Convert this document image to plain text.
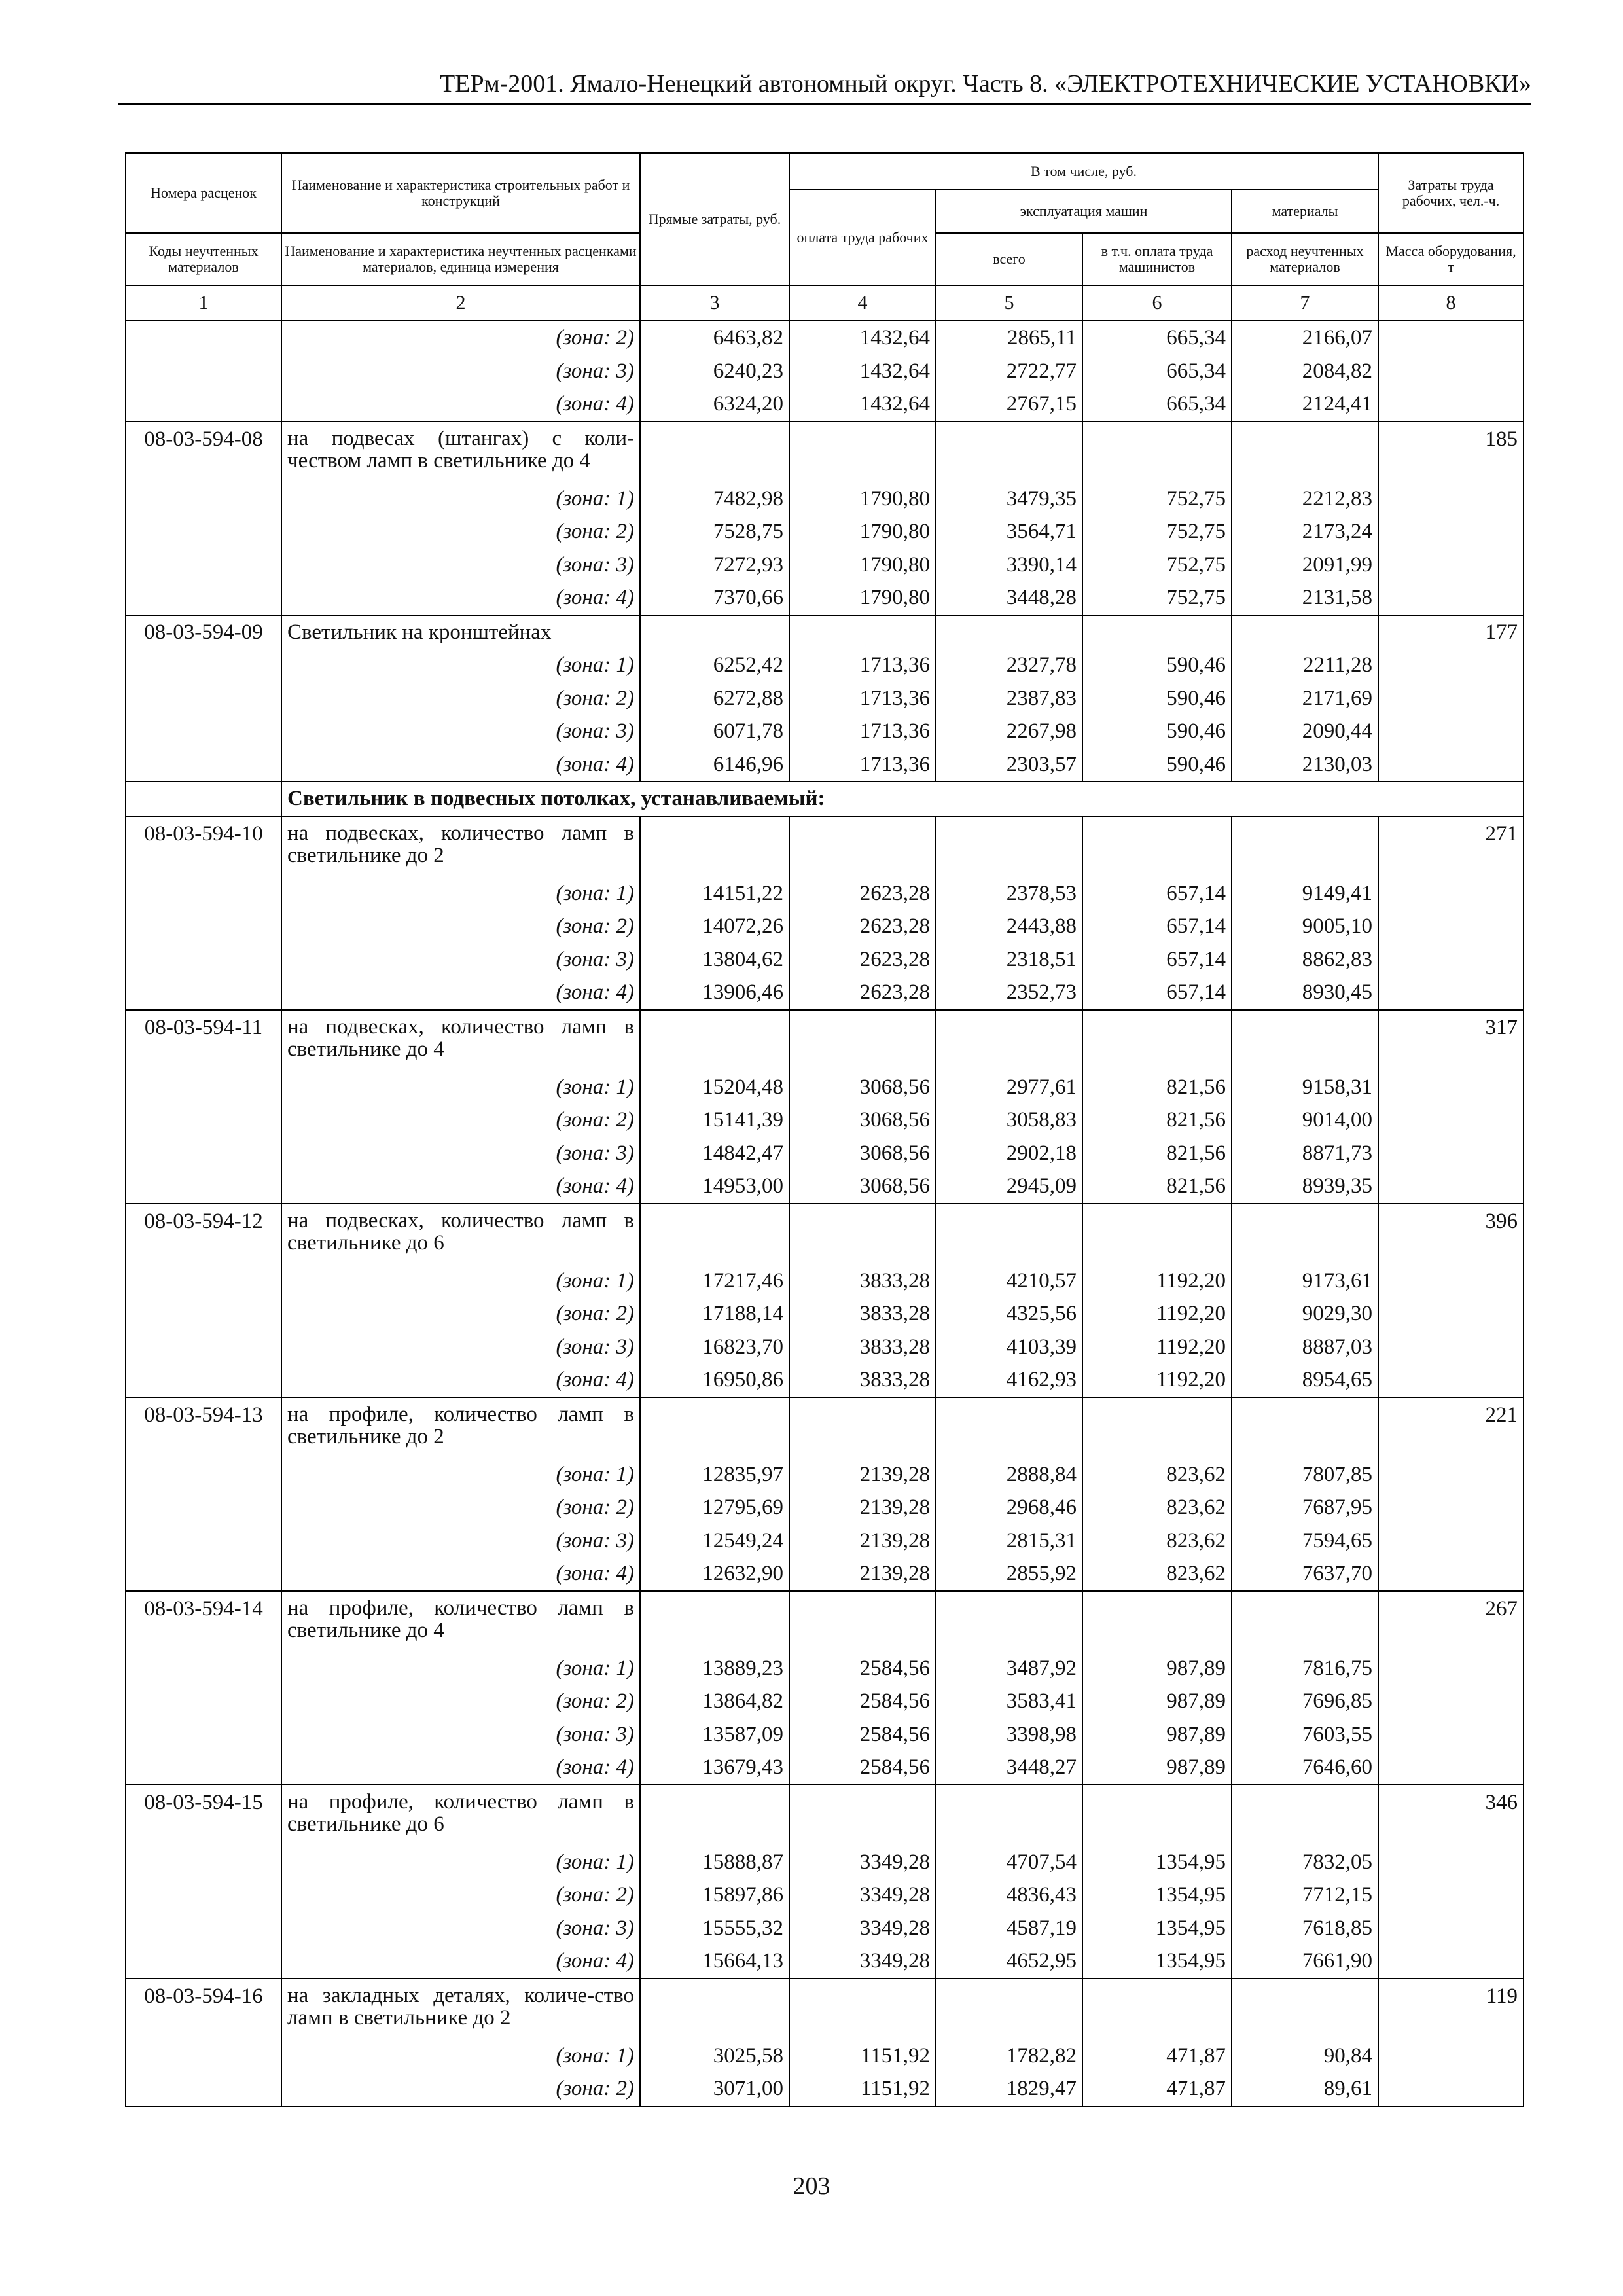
ТЕРм-2001. Ямало-Ненецкий автономный округ. Часть 8. «ЭЛЕКТРОТЕХНИЧЕСКИЕ УСТАНОВКИ»
Номера расценок	Наименование и характеристика строительных работ и конструкций	Прямые затраты, руб.	В том числе, руб.				Затраты труда рабочих, чел.-ч.
			оплата труда рабочих	эксплуатация машин		материалы	
Коды неучтенных материалов	Наименование и характеристика неучтенных расценками материалов, единица измерения			всего	в т.ч. оплата труда машинистов	расход неучтенных материалов	Масса оборудования, т
1	2	3	4	5	6	7	8
	(зона: 2)	6463,82	1432,64	2865,11	665,34	2166,07	
	(зона: 3)	6240,23	1432,64	2722,77	665,34	2084,82	
	(зона: 4)	6324,20	1432,64	2767,15	665,34	2124,41	
08-03-594-08	на подвесах (штангах) с коли-чеством ламп в светильнике до 4						185
	(зона: 1)	7482,98	1790,80	3479,35	752,75	2212,83	
	(зона: 2)	7528,75	1790,80	3564,71	752,75	2173,24	
	(зона: 3)	7272,93	1790,80	3390,14	752,75	2091,99	
	(зона: 4)	7370,66	1790,80	3448,28	752,75	2131,58	
08-03-594-09	Светильник на кронштейнах						177
	(зона: 1)	6252,42	1713,36	2327,78	590,46	2211,28	
	(зона: 2)	6272,88	1713,36	2387,83	590,46	2171,69	
	(зона: 3)	6071,78	1713,36	2267,98	590,46	2090,44	
	(зона: 4)	6146,96	1713,36	2303,57	590,46	2130,03	
	Светильник в подвесных потолках, устанавливаемый:						
08-03-594-10	на подвесках, количество ламп в светильнике до 2						271
	(зона: 1)	14151,22	2623,28	2378,53	657,14	9149,41	
	(зона: 2)	14072,26	2623,28	2443,88	657,14	9005,10	
	(зона: 3)	13804,62	2623,28	2318,51	657,14	8862,83	
	(зона: 4)	13906,46	2623,28	2352,73	657,14	8930,45	
08-03-594-11	на подвесках, количество ламп в светильнике до 4						317
	(зона: 1)	15204,48	3068,56	2977,61	821,56	9158,31	
	(зона: 2)	15141,39	3068,56	3058,83	821,56	9014,00	
	(зона: 3)	14842,47	3068,56	2902,18	821,56	8871,73	
	(зона: 4)	14953,00	3068,56	2945,09	821,56	8939,35	
08-03-594-12	на подвесках, количество ламп в светильнике до 6						396
	(зона: 1)	17217,46	3833,28	4210,57	1192,20	9173,61	
	(зона: 2)	17188,14	3833,28	4325,56	1192,20	9029,30	
	(зона: 3)	16823,70	3833,28	4103,39	1192,20	8887,03	
	(зона: 4)	16950,86	3833,28	4162,93	1192,20	8954,65	
08-03-594-13	на профиле, количество ламп в светильнике до 2						221
	(зона: 1)	12835,97	2139,28	2888,84	823,62	7807,85	
	(зона: 2)	12795,69	2139,28	2968,46	823,62	7687,95	
	(зона: 3)	12549,24	2139,28	2815,31	823,62	7594,65	
	(зона: 4)	12632,90	2139,28	2855,92	823,62	7637,70	
08-03-594-14	на профиле, количество ламп в светильнике до 4						267
	(зона: 1)	13889,23	2584,56	3487,92	987,89	7816,75	
	(зона: 2)	13864,82	2584,56	3583,41	987,89	7696,85	
	(зона: 3)	13587,09	2584,56	3398,98	987,89	7603,55	
	(зона: 4)	13679,43	2584,56	3448,27	987,89	7646,60	
08-03-594-15	на профиле, количество ламп в светильнике до 6						346
	(зона: 1)	15888,87	3349,28	4707,54	1354,95	7832,05	
	(зона: 2)	15897,86	3349,28	4836,43	1354,95	7712,15	
	(зона: 3)	15555,32	3349,28	4587,19	1354,95	7618,85	
	(зона: 4)	15664,13	3349,28	4652,95	1354,95	7661,90	
08-03-594-16	на закладных деталях, количе-ство ламп в светильнике до 2						119
	(зона: 1)	3025,58	1151,92	1782,82	471,87	90,84	
	(зона: 2)	3071,00	1151,92	1829,47	471,87	89,61	
203
